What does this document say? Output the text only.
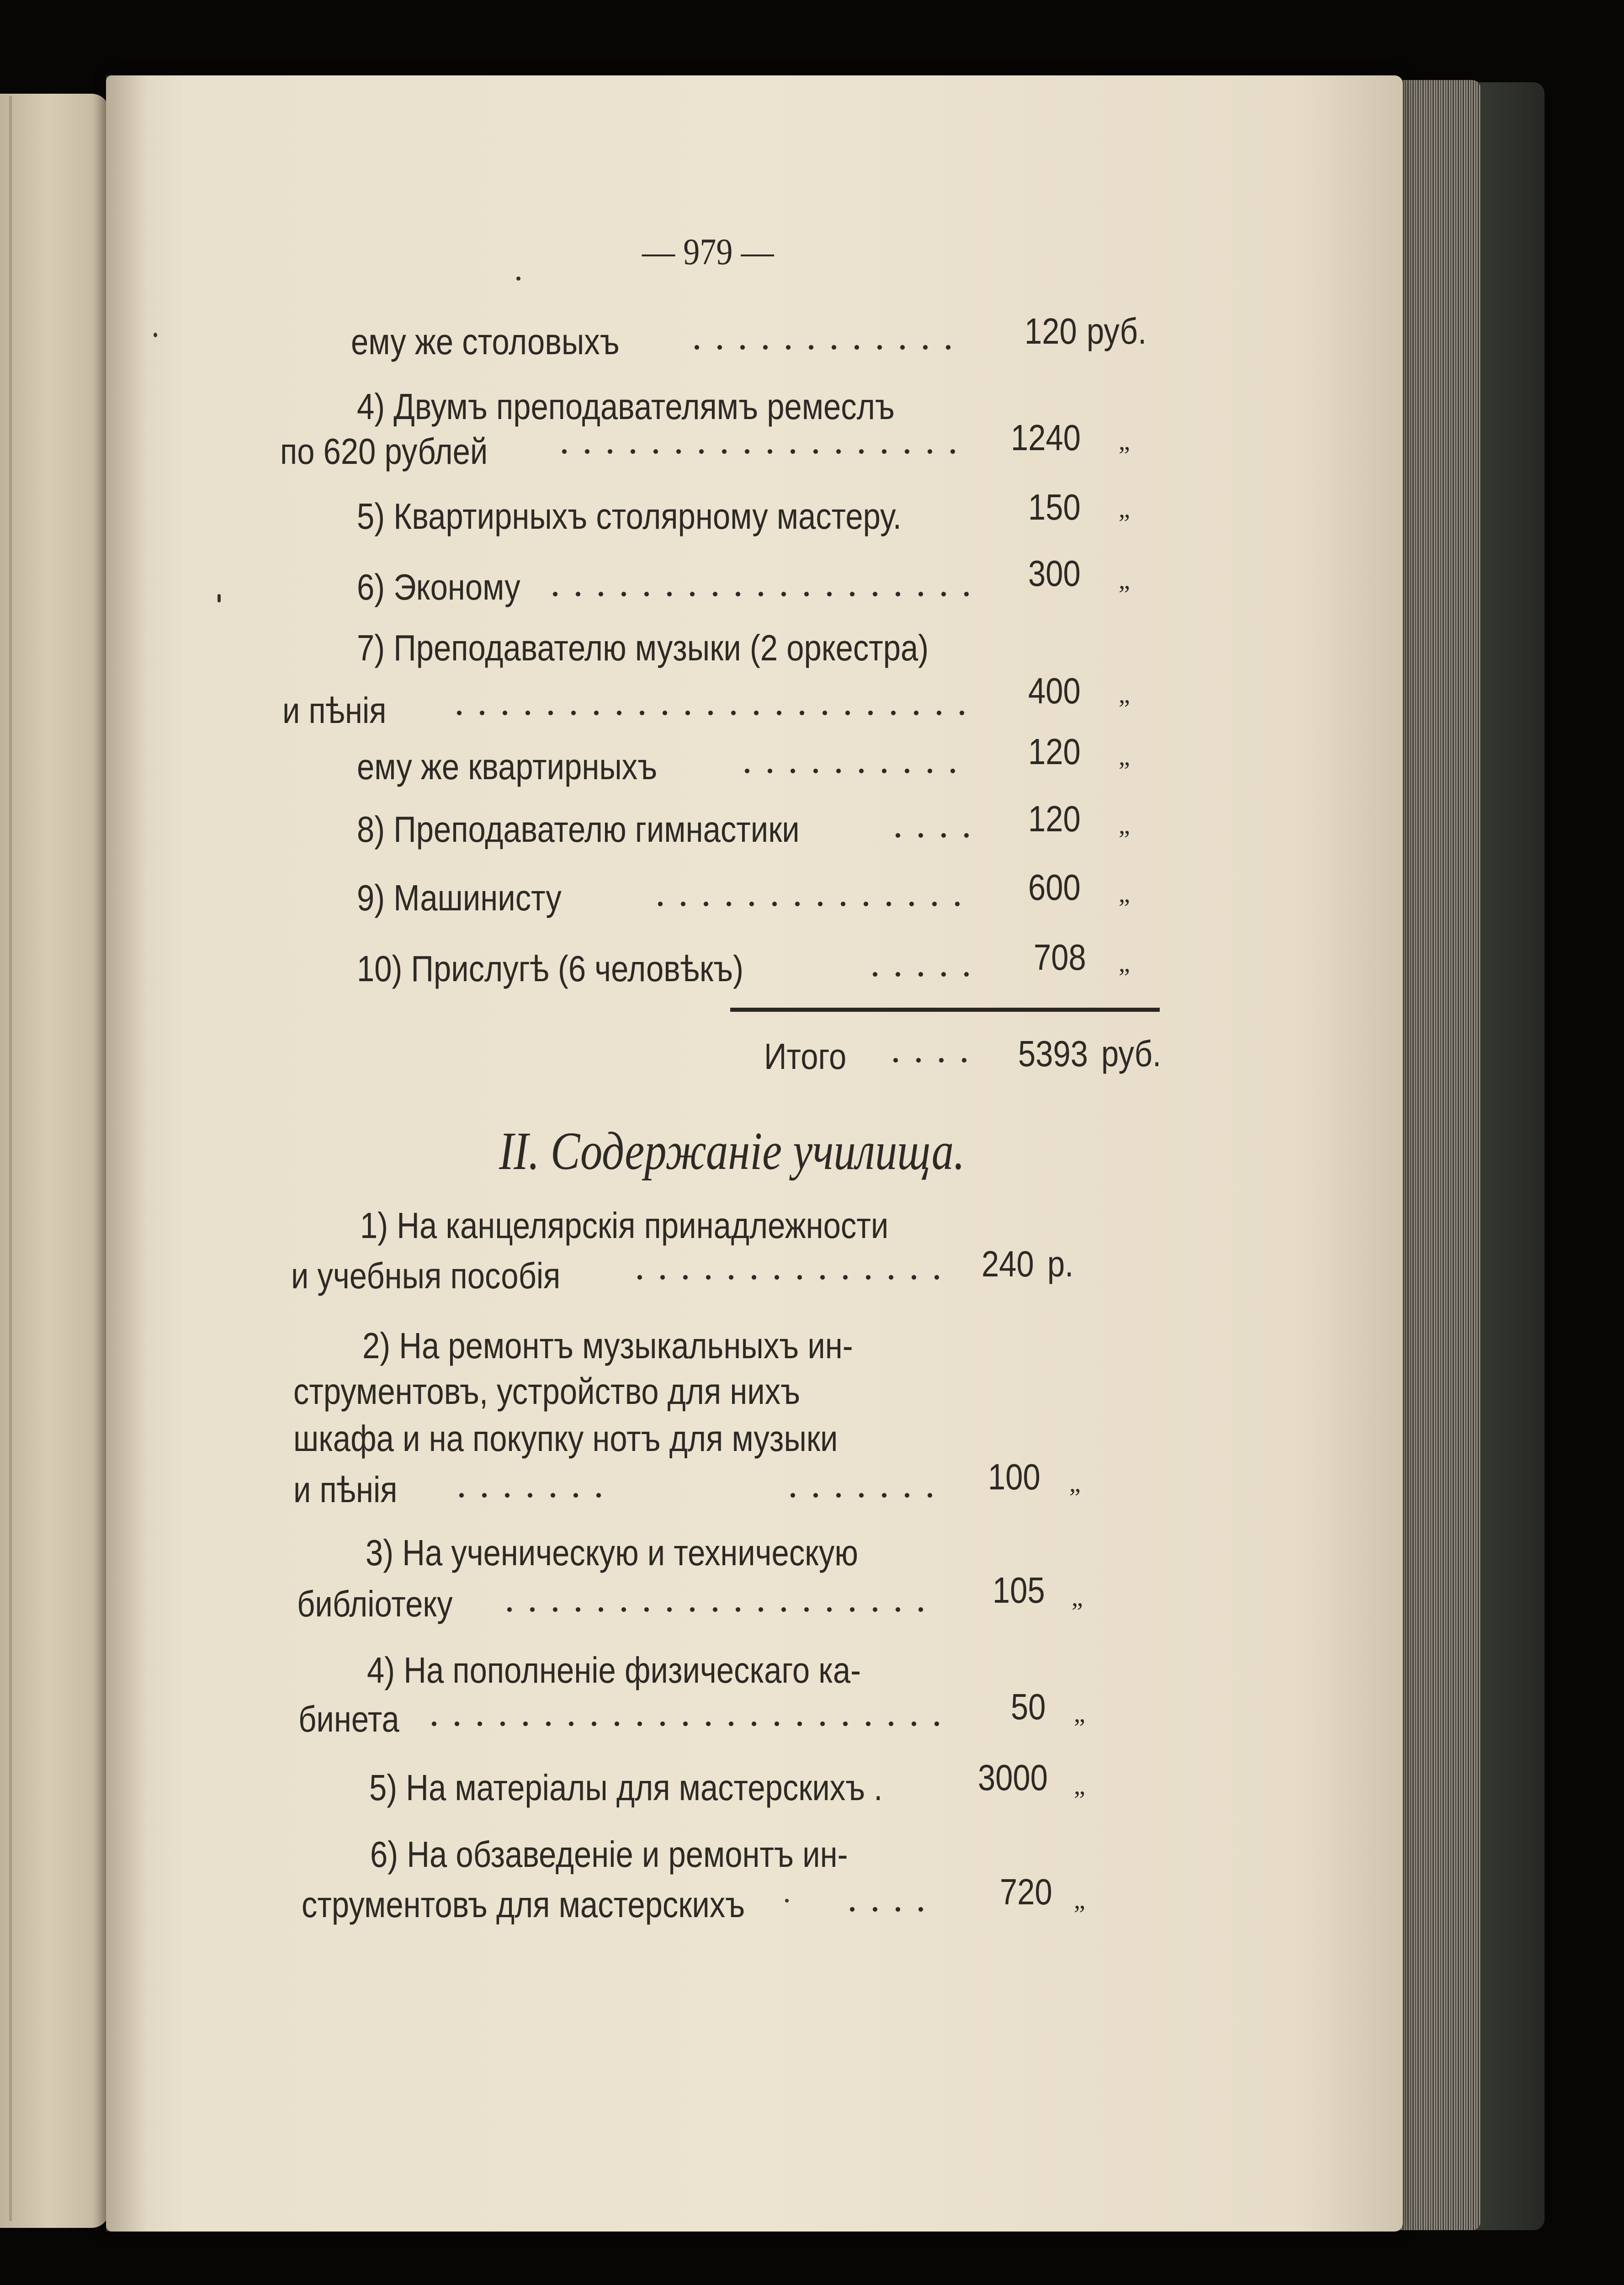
— 979 —
ему же столовыхъ	120 руб.
4) Двумъ преподавателямъ ремеслъ
по 620 рублей	1240 „
5) Квартирныхъ столярному мастеру.	150 „
6) Эконому	300 „
7) Преподавателю музыки (2 оркестра)
и пѣнія	400 „
ему же квартирныхъ	120 „
8) Преподавателю гимнастики	120 „
9) Машинисту	600 „
10) Прислугѣ (6 человѣкъ)	708 „
Итого	5393 руб.
II. Содержаніе училища.
1) На канцелярскія принадлежности
и учебныя пособія	240 р.
2) На ремонтъ музыкальныхъ ин-
струментовъ, устройство для нихъ
шкафа и на покупку нотъ для музыки
и пѣнія	100 „
3) На ученическую и техническую
библіотеку	105 „
4) На пополненіе физическаго ка-
бинета	50 „
5) На матеріалы для мастерскихъ .	3000 „
6) На обзаведеніе и ремонтъ ин-
струментовъ для мастерскихъ	720 „
